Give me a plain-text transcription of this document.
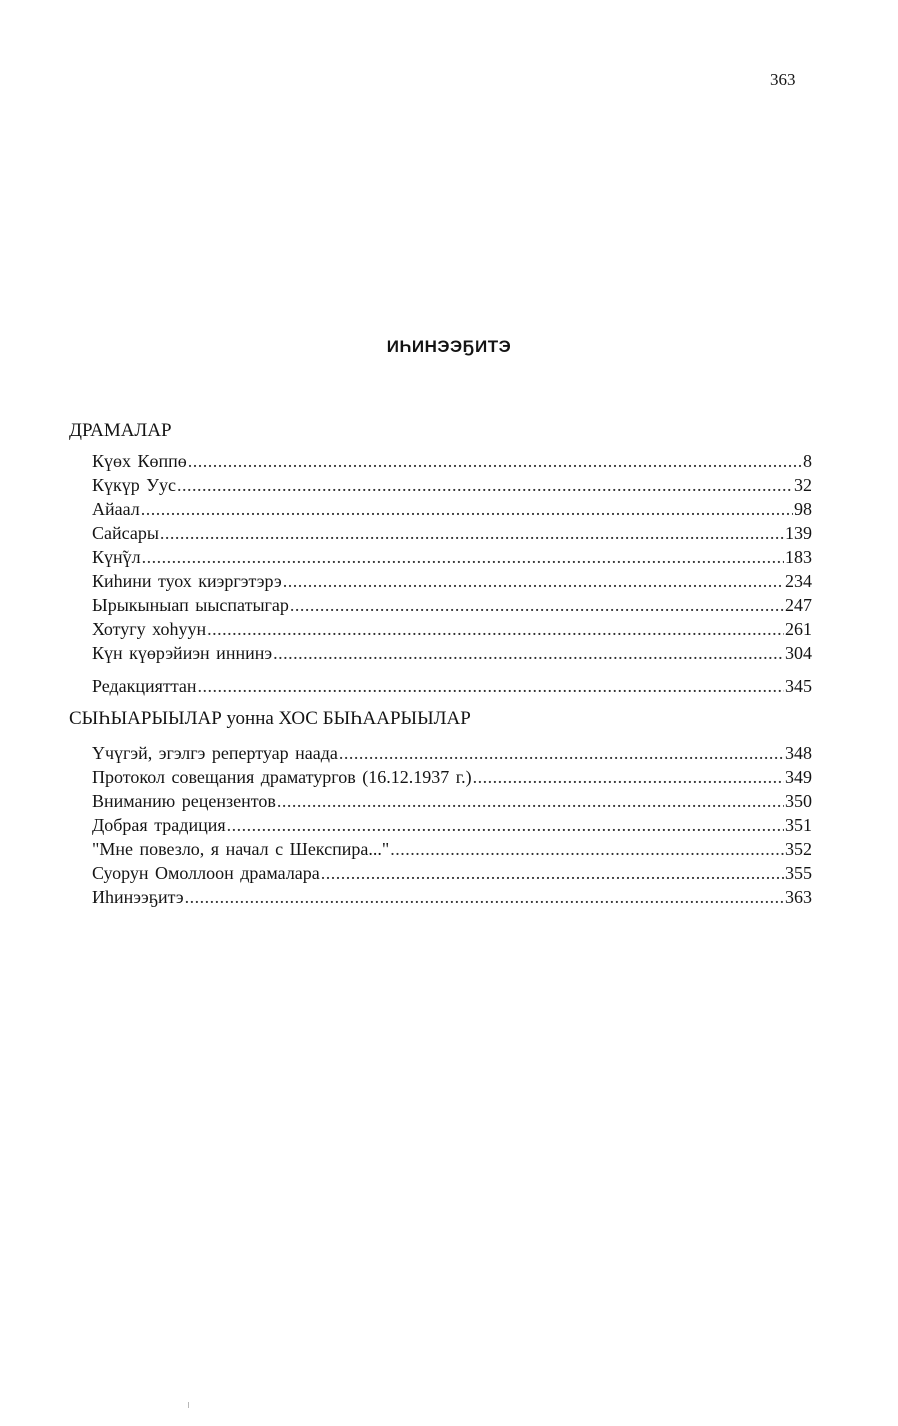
363
ИҺИНЭЭҔИТЭ
ДРАМАЛАР
Күөх Көппө .....	8
Күкүр Уус .....	32
Айаал .....	98
Сайсары .....	139
Күн̃үл .....	183
Киһини туох киэргэтэрэ .....	234
Ырыкыныап ыыспатыгар .....	247
Хотугу хоһуун .....	261
Күн күөрэйиэн иннинэ .....	304
Редакцияттан .....	345
СЫҺЫАРЫЫЛАР уонна ХОС БЫҺААРЫЫЛАР
Үчүгэй, эгэлгэ репертуар наада .....	348
Протокол совещания драматургов (16.12.1937 г.) .....	349
Вниманию рецензентов .....	350
Добрая традиция .....	351
"Мне повезло, я начал с Шекспира..." .....	352
Суорун Омоллоон драмалара .....	355
Иһинээҕитэ .....	363
